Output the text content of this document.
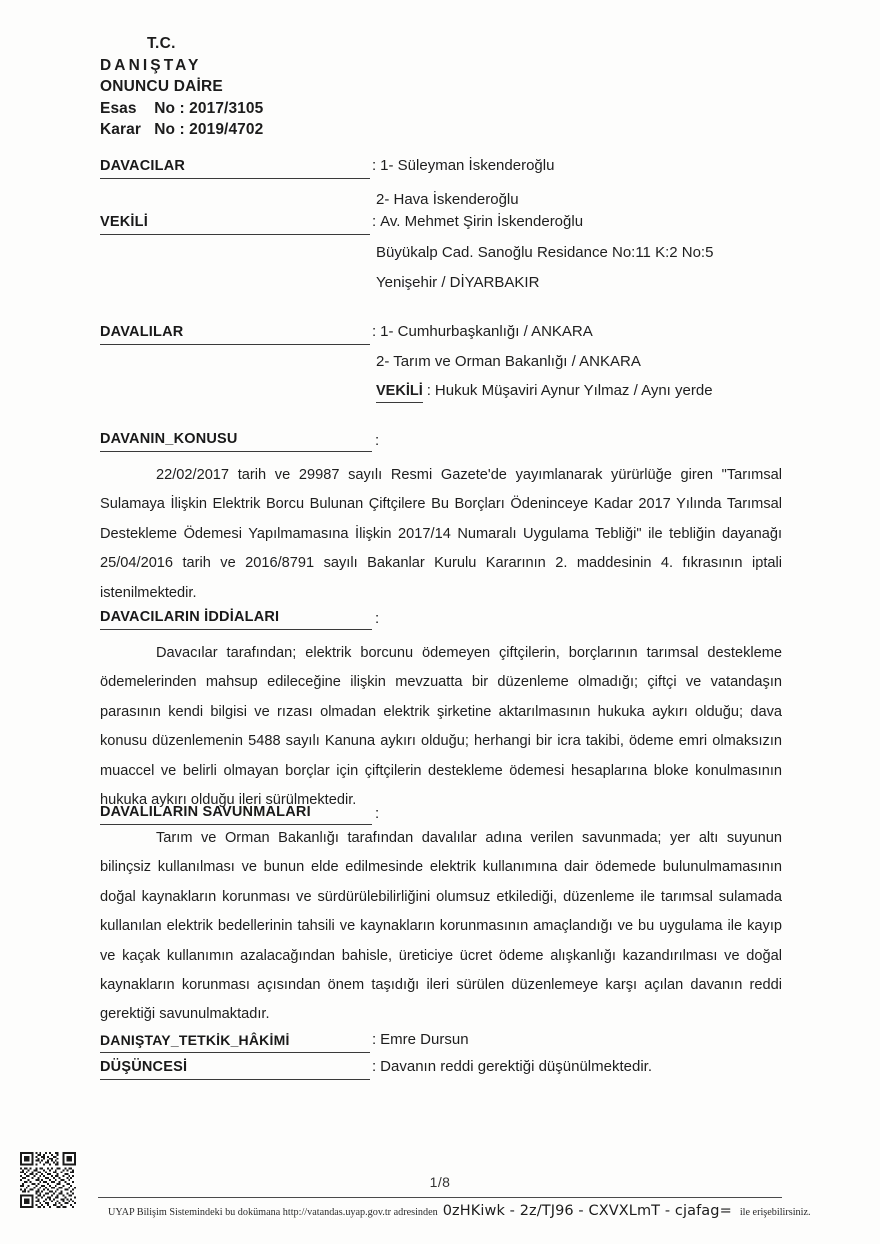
T.C.
DANIŞTAY
ONUNCU DAİRE
Esas    No : 2017/3105
Karar   No : 2019/4702
DAVACILAR	: 1- Süleyman İskenderoğlu
2- Hava İskenderoğlu
VEKİLİ	: Av. Mehmet Şirin İskenderoğlu
Büyükalp Cad. Sanoğlu Residance No:11 K:2 No:5
Yenişehir / DİYARBAKIR
DAVALILAR	: 1- Cumhurbaşkanlığı / ANKARA
2- Tarım ve Orman Bakanlığı / ANKARA
VEKİLİ : Hukuk Müşaviri Aynur Yılmaz / Aynı yerde
DAVANIN_KONUSU	:
22/02/2017 tarih ve 29987 sayılı Resmi Gazete'de yayımlanarak yürürlüğe giren "Tarımsal Sulamaya İlişkin Elektrik Borcu Bulunan Çiftçilere Bu Borçları Ödeninceye Kadar 2017 Yılında Tarımsal Destekleme Ödemesi Yapılmamasına İlişkin 2017/14 Numaralı Uygulama Tebliği" ile tebliğin dayanağı 25/04/2016 tarih ve 2016/8791 sayılı Bakanlar Kurulu Kararının 2. maddesinin 4. fıkrasının iptali istenilmektedir.
DAVACILARIN İDDİALARI	:
Davacılar tarafından; elektrik borcunu ödemeyen çiftçilerin, borçlarının tarımsal destekleme ödemelerinden mahsup edileceğine ilişkin mevzuatta bir düzenleme olmadığı; çiftçi ve vatandaşın parasının kendi bilgisi ve rızası olmadan elektrik şirketine aktarılmasının hukuka aykırı olduğu; dava konusu düzenlemenin 5488 sayılı Kanuna aykırı olduğu; herhangi bir icra takibi, ödeme emri olmaksızın muaccel ve belirli olmayan borçlar için çiftçilerin destekleme ödemesi hesaplarına bloke konulmasının hukuka aykırı olduğu ileri sürülmektedir.
DAVALILARIN SAVUNMALARI	:
Tarım ve Orman Bakanlığı tarafından davalılar adına verilen savunmada; yer altı suyunun bilinçsiz kullanılması ve bunun elde edilmesinde elektrik kullanımına dair ödemede bulunulmamasının doğal kaynakların korunması ve sürdürülebilirliğini olumsuz etkilediği, düzenleme ile tarımsal sulamada kullanılan elektrik bedellerinin tahsili ve kaynakların korunmasının amaçlandığı ve bu uygulama ile kayıp ve kaçak kullanımın azalacağından bahisle, üreticiye ücret ödeme alışkanlığı kazandırılması ve doğal kaynakların korunması açısından önem taşıdığı ileri sürülen düzenlemeye karşı açılan davanın reddi gerektiği savunulmaktadır.
DANIŞTAY_TETKİK_HÂKİMİ	: Emre Dursun
DÜŞÜNCESİ	: Davanın reddi gerektiği düşünülmektedir.
1/8
UYAP Bilişim Sistemindeki bu dokümana http://vatandas.uyap.gov.tr adresinden 0zHKiwk - 2z/TJ96 - CXVXLmT - cjafag= ile erişebilirsiniz.
